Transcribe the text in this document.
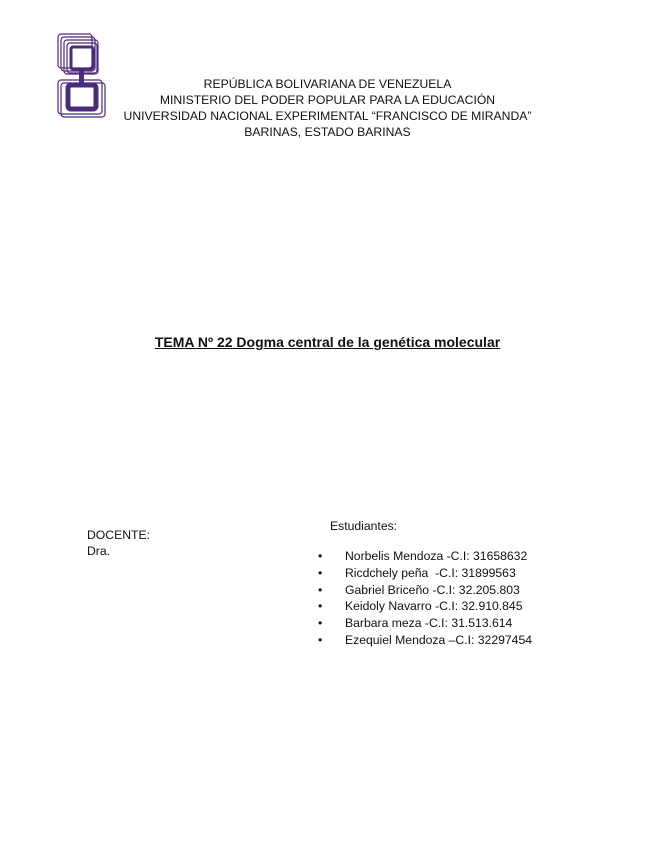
REPÚBLICA BOLIVARIANA DE VENEZUELA
MINISTERIO DEL PODER POPULAR PARA LA EDUCACIÓN
UNIVERSIDAD NACIONAL EXPERIMENTAL “FRANCISCO DE MIRANDA”
BARINAS, ESTADO BARINAS
TEMA Nº 22 Dogma central de la genética molecular
DOCENTE:
Dra.
Estudiantes:
• Norbelis Mendoza -C.I: 31658632
• Ricdchely peña  -C.I: 31899563
• Gabriel Briceño -C.I: 32.205.803
• Keidoly Navarro -C.I: 32.910.845
• Barbara meza -C.I: 31.513.614
• Ezequiel Mendoza –C.I: 32297454
